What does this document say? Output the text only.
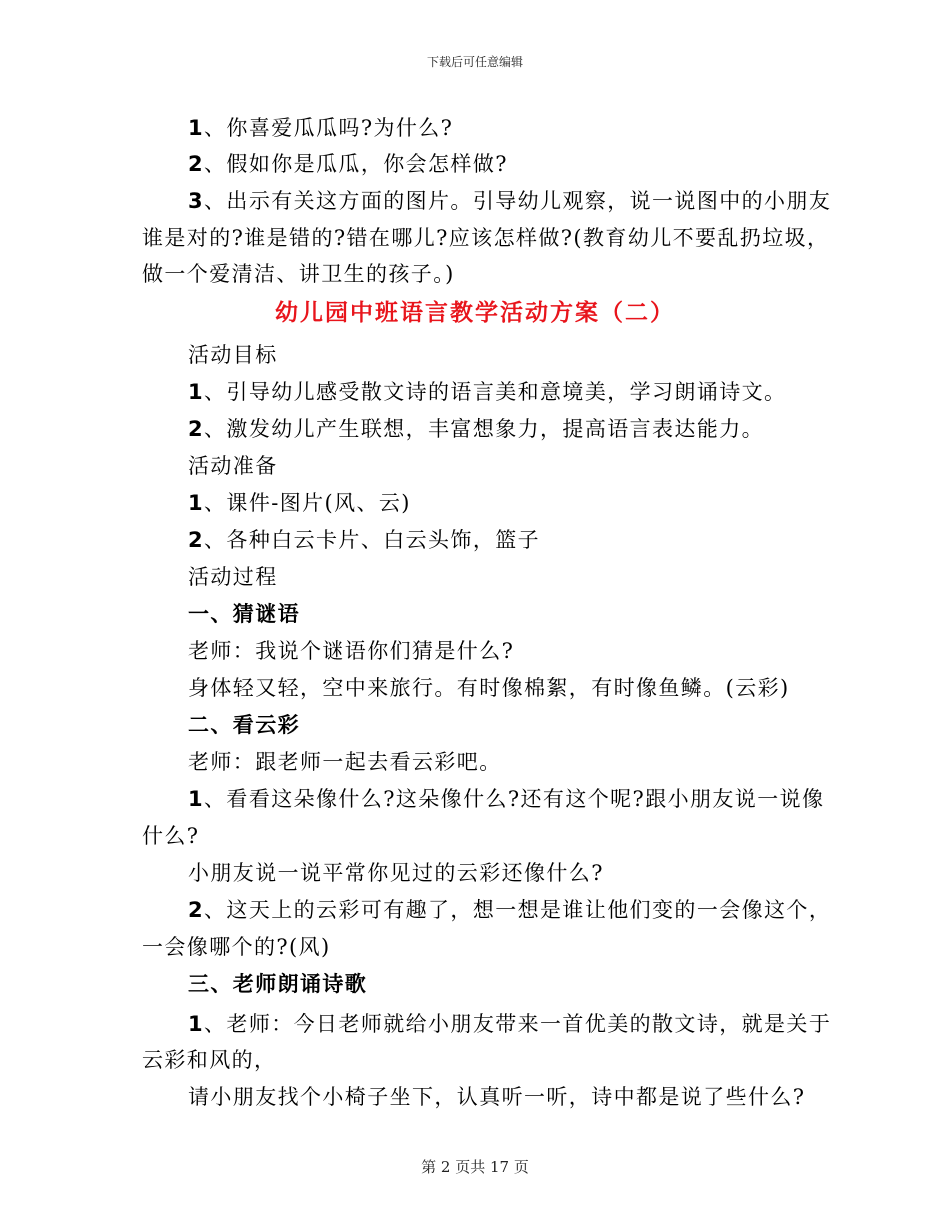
下载后可任意编辑
1、你喜爱瓜瓜吗?为什么?
2、假如你是瓜瓜，你会怎样做?
3、出示有关这方面的图片。引导幼儿观察，说一说图中的小朋友
谁是对的?谁是错的?错在哪儿?应该怎样做?(教育幼儿不要乱扔垃圾，
做一个爱清洁、讲卫生的孩子。)
幼儿园中班语言教学活动方案（二）
活动目标
1、引导幼儿感受散文诗的语言美和意境美，学习朗诵诗文。
2、激发幼儿产生联想，丰富想象力，提高语言表达能力。
活动准备
1、课件-图片(风、云)
2、各种白云卡片、白云头饰，篮子
活动过程
一、猜谜语
老师：我说个谜语你们猜是什么?
身体轻又轻，空中来旅行。有时像棉絮，有时像鱼鳞。(云彩)
二、看云彩
老师：跟老师一起去看云彩吧。
1、看看这朵像什么?这朵像什么?还有这个呢?跟小朋友说一说像
什么?
小朋友说一说平常你见过的云彩还像什么?
2、这天上的云彩可有趣了，想一想是谁让他们变的一会像这个，
一会像哪个的?(风)
三、老师朗诵诗歌
1、老师：今日老师就给小朋友带来一首优美的散文诗，就是关于
云彩和风的，
请小朋友找个小椅子坐下，认真听一听，诗中都是说了些什么?
第 2 页共 17 页
